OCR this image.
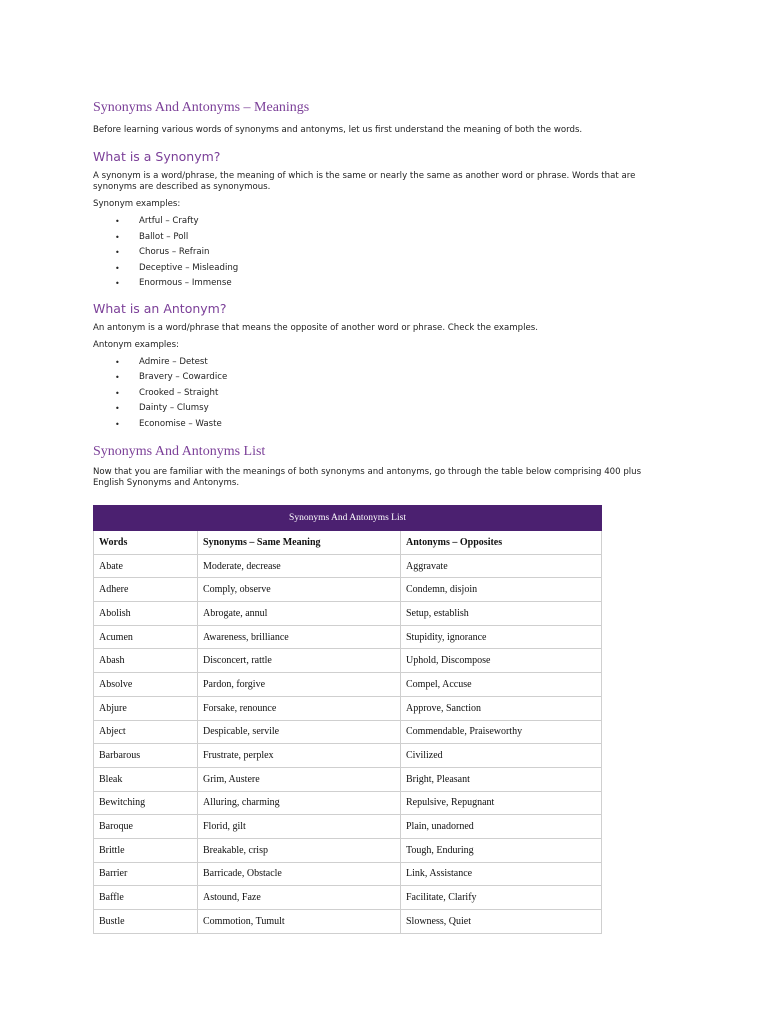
Synonyms And Antonyms – Meanings

Before learning various words of synonyms and antonyms, let us first understand the meaning of both the words.

What is a Synonym?

A synonym is a word/phrase, the meaning of which is the same or nearly the same as another word or phrase. Words that are synonyms are described as synonymous.

Synonym examples:

• Artful – Crafty
• Ballot – Poll
• Chorus – Refrain
• Deceptive – Misleading
• Enormous – Immense
What is an Antonym?

An antonym is a word/phrase that means the opposite of another word or phrase. Check the examples.

Antonym examples:

• Admire – Detest
• Bravery – Cowardice
• Crooked – Straight
• Dainty – Clumsy
• Economise – Waste
Synonyms And Antonyms List

Now that you are familiar with the meanings of both synonyms and antonyms, go through the table below comprising 400 plus English Synonyms and Antonyms.

Synonyms And Antonyms List		
Words	Synonyms – Same Meaning	Antonyms – Opposites
Abate	Moderate, decrease	Aggravate
Adhere	Comply, observe	Condemn, disjoin
Abolish	Abrogate, annul	Setup, establish
Acumen	Awareness, brilliance	Stupidity, ignorance
Abash	Disconcert, rattle	Uphold, Discompose
Absolve	Pardon, forgive	Compel, Accuse
Abjure	Forsake, renounce	Approve, Sanction
Abject	Despicable, servile	Commendable, Praiseworthy
Barbarous	Frustrate, perplex	Civilized
Bleak	Grim, Austere	Bright, Pleasant
Bewitching	Alluring, charming	Repulsive, Repugnant
Baroque	Florid, gilt	Plain, unadorned
Brittle	Breakable, crisp	Tough, Enduring
Barrier	Barricade, Obstacle	Link, Assistance
Baffle	Astound, Faze	Facilitate, Clarify
Bustle	Commotion, Tumult	Slowness, Quiet
